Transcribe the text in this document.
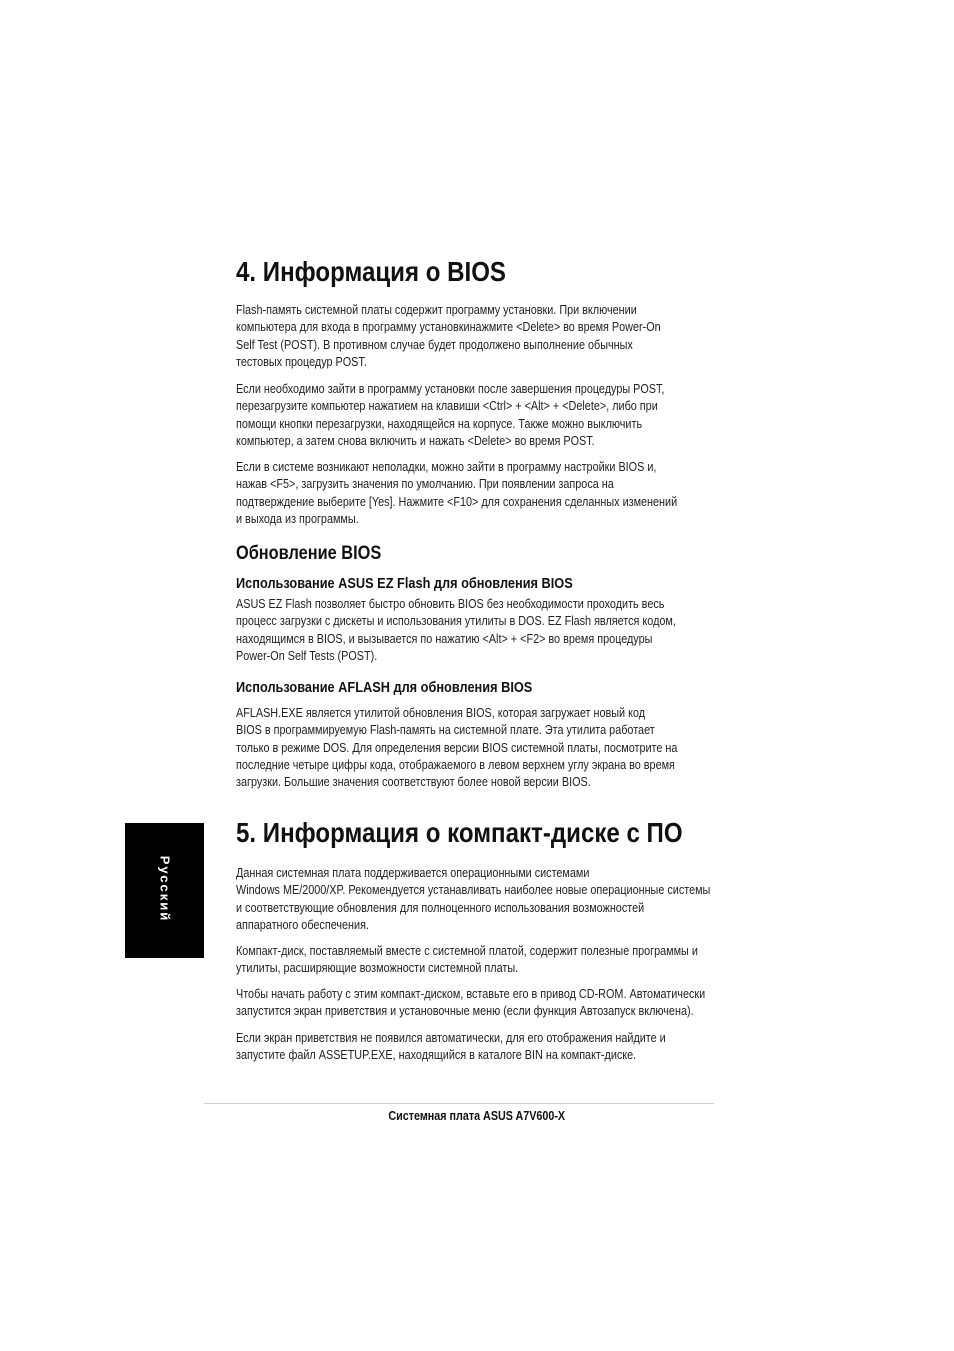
4. Информация о BIOS

Flash-память системной платы содержит программу установки. При включении
компьютера для входа в программу установкинажмите <Delete> во время Power-On
Self Test (POST). В противном случае будет продолжено выполнение обычных
тестовых процедур POST.

Если необходимо зайти в программу установки после завершения процедуры POST,
перезагрузите компьютер нажатием на клавиши <Ctrl> + <Alt> + <Delete>, либо при
помощи кнопки перезагрузки, находящейся на корпусе. Также можно выключить
компьютер, а затем снова включить и нажать <Delete> во время POST.

Если в системе возникают неполадки, можно зайти в программу настройки BIOS и,
нажав <F5>, загрузить значения по умолчанию. При появлении запроса на
подтверждение выберите [Yes]. Нажмите <F10> для сохранения сделанных изменений
и выхода из программы.

Обновление BIOS
Использование ASUS EZ Flash для обновления BIOS

ASUS EZ Flash позволяет быстро обновить BIOS без необходимости проходить весь
процесс загрузки с дискеты и использования утилиты в DOS. EZ Flash является кодом,
находящимся в BIOS, и вызывается по нажатию <Alt> + <F2> во время процедуры
Power-On Self Tests (POST).

Использование AFLASH для обновления BIOS

AFLASH.EXE является утилитой обновления BIOS, которая загружает новый код
BIOS в программируемую Flash-память на системной плате. Эта утилита работает
только в режиме DOS. Для определения версии BIOS системной платы, посмотрите на
последние четыре цифры кода, отображаемого в левом верхнем углу экрана во время
загрузки. Большие значения соответствуют более новой версии BIOS.

5. Информация о компакт-диске с ПО

Данная системная плата поддерживается операционными системами
Windows ME/2000/XP. Рекомендуется устанавливать наиболее новые операционные системы
и соответствующие обновления для полноценного использования возможностей
аппаратного обеспечения.

Компакт-диск, поставляемый вместе с системной платой, содержит полезные программы и
утилиты, расширяющие возможности системной платы.

Чтобы начать работу с этим компакт-диском, вставьте его в привод CD-ROM. Автоматически
запустится экран приветствия и установочные меню (если функция Автозапуск включена).

Если экран приветствия не появился автоматически, для его отображения найдите и
запустите файл ASSETUP.EXE, находящийся в каталоге BIN на компакт-диске.

Русский
Системная плата ASUS A7V600-X
